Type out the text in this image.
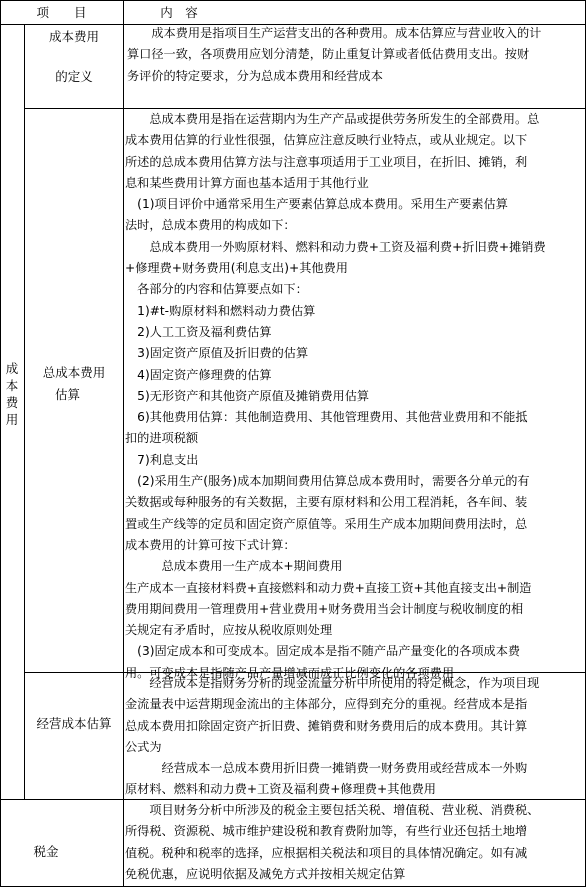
项　　目	内　容
成本费用
成本费用
的定义
　　成本费用是指项目生产运营支出的各种费用。成本估算应与营业收入的计
算口径一致，各项费用应划分清楚，防止重复计算或者低估费用支出。按财
务评价的特定要求，分为总成本费用和经营成本
总成本费用
估算
　　总成本费用是指在运营期内为生产产品或提供劳务所发生的全部费用。总
成本费用估算的行业性很强，估算应注意反映行业特点，或从业规定。以下
所述的总成本费用估算方法与注意事项适用于工业项目，在折旧、摊销，利
息和某些费用计算方面也基本适用于其他行业
　(1)项目评价中通常采用生产要素估算总成本费用。采用生产要素估算
法时，总成本费用的构成如下：
　　总成本费用一外购原材料、燃料和动力费+工资及福利费+折旧费+摊销费
+修理费+财务费用(利息支出)+其他费用
　各部分的内容和估算要点如下：
　1)#t-购原材料和燃料动力费估算
　2)人工工资及福利费估算
　3)固定资产原值及折旧费的估算
　4)固定资产修理费的估算
　5)无形资产和其他资产原值及摊销费用估算
　6)其他费用估算：其他制造费用、其他管理费用、其他营业费用和不能抵
扣的进项税额
　7)利息支出
　(2)采用生产(服务)成本加期间费用估算总成本费用时，需要各分单元的有
关数据或每种服务的有关数据，主要有原材料和公用工程消耗，各车间、装
置或生产线等的定员和固定资产原值等。采用生产成本加期间费用法时，总
成本费用的计算可按下式计算：
　　　总成本费用一生产成本+期间费用
生产成本一直接材料费+直接燃料和动力费+直接工资+其他直接支出+制造
费用期间费用一管理费用+营业费用+财务费用当会计制度与税收制度的相
关规定有矛盾时，应按从税收原则处理
　(3)固定成本和可变成本。固定成本是指不随产品产量变化的各项成本费
用。可变成本是指随产品产量增减而成正比例变化的各项费用
经营成本估算
　　经营成本是指财务分析的现金流量分析中所使用的特定概念，作为项目现
金流量表中运营期现金流出的主体部分，应得到充分的重视。经营成本是指
总成本费用扣除固定资产折旧费、摊销费和财务费用后的成本费用。其计算
公式为
　　　经营成本一总成本费用折旧费一摊销费一财务费用或经营成本一外购
原材料、燃料和动力费+工资及福利费+修理费+其他费用
税金
　　项目财务分析中所涉及的税金主要包括关税、增值税、营业税、消费税、
所得税、资源税、城市维护建设税和教育费附加等，有些行业还包括土地增
值税。税种和税率的选择，应根据相关税法和项目的具体情况确定。如有减
免税优惠，应说明依据及减免方式并按相关规定估算
